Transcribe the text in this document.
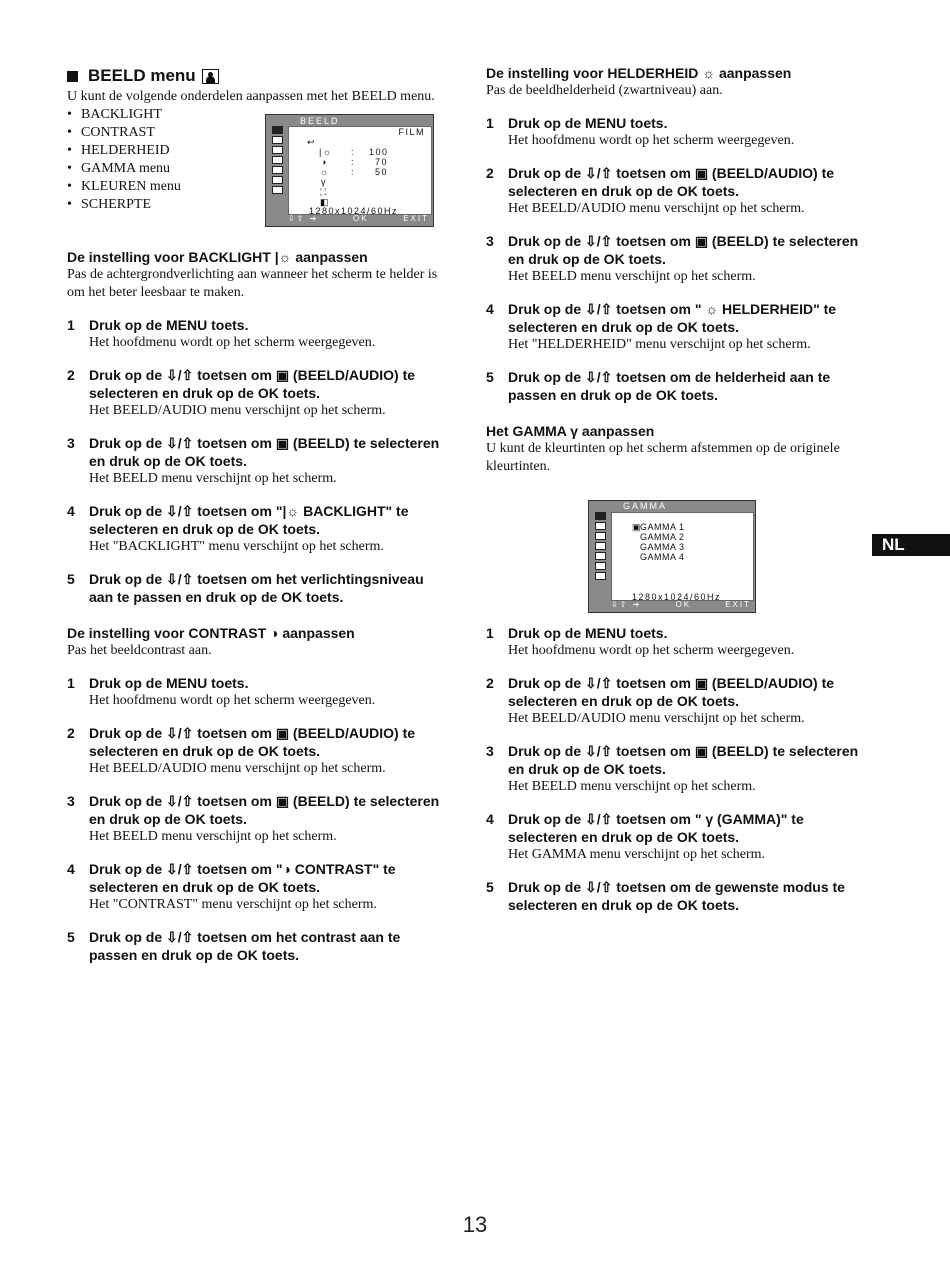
BEELD menu
U kunt de volgende onderdelen aanpassen met het BEELD menu.
• BACKLIGHT
• CONTRAST
• HELDERHEID
• GAMMA menu
• KLEUREN menu
• SCHERPTE
De instelling voor BACKLIGHT |☼ aanpassen
Pas de achtergrondverlichting aan wanneer het scherm te helder is om het beter leesbaar te maken.
1	Druk op de MENU toets.
Het hoofdmenu wordt op het scherm weergegeven.
2	Druk op de ⇩/⇧ toetsen om ▣ (BEELD/AUDIO) te selecteren en druk op de OK toets.
Het BEELD/AUDIO menu verschijnt op het scherm.
3	Druk op de ⇩/⇧ toetsen om ▣ (BEELD) te selecteren en druk op de OK toets.
Het BEELD menu verschijnt op het scherm.
4	Druk op de ⇩/⇧ toetsen om "|☼ BACKLIGHT" te selecteren en druk op de OK toets.
Het "BACKLIGHT" menu verschijnt op het scherm.
5	Druk op de ⇩/⇧ toetsen om het verlichtingsniveau aan te passen en druk op de OK toets.
De instelling voor CONTRAST ◑ aanpassen
Pas het beeldcontrast aan.
1	Druk op de MENU toets.
Het hoofdmenu wordt op het scherm weergegeven.
2	Druk op de ⇩/⇧ toetsen om ▣ (BEELD/AUDIO) te selecteren en druk op de OK toets.
Het BEELD/AUDIO menu verschijnt op het scherm.
3	Druk op de ⇩/⇧ toetsen om ▣ (BEELD) te selecteren en druk op de OK toets.
Het BEELD menu verschijnt op het scherm.
4	Druk op de ⇩/⇧ toetsen om "◑ CONTRAST" te selecteren en druk op de OK toets.
Het "CONTRAST" menu verschijnt op het scherm.
5	Druk op de ⇩/⇧ toetsen om het contrast aan te passen en druk op de OK toets.
BEELD
FILM
↩
|☼ : 100
◑	: 70
☼ : 50
γ
⛶
◧
1280x1024/60Hz
⇩⇧ ➔	OK	EXIT
De instelling voor HELDERHEID ☼ aanpassen
Pas de beeldhelderheid (zwartniveau) aan.
1	Druk op de MENU toets.
Het hoofdmenu wordt op het scherm weergegeven.
2	Druk op de ⇩/⇧ toetsen om ▣ (BEELD/AUDIO) te selecteren en druk op de OK toets.
Het BEELD/AUDIO menu verschijnt op het scherm.
3	Druk op de ⇩/⇧ toetsen om ▣ (BEELD) te selecteren en druk op de OK toets.
Het BEELD menu verschijnt op het scherm.
4	Druk op de ⇩/⇧ toetsen om " ☼ HELDERHEID" te selecteren en druk op de OK toets.
Het "HELDERHEID" menu verschijnt op het scherm.
5	Druk op de ⇩/⇧ toetsen om de helderheid aan te passen en druk op de OK toets.
Het GAMMA γ aanpassen
U kunt de kleurtinten op het scherm afstemmen op de originele kleurtinten.
1	Druk op de MENU toets.
Het hoofdmenu wordt op het scherm weergegeven.
2	Druk op de ⇩/⇧ toetsen om ▣ (BEELD/AUDIO) te selecteren en druk op de OK toets.
Het BEELD/AUDIO menu verschijnt op het scherm.
3	Druk op de ⇩/⇧ toetsen om ▣ (BEELD) te selecteren en druk op de OK toets.
Het BEELD menu verschijnt op het scherm.
4	Druk op de ⇩/⇧ toetsen om " γ (GAMMA)" te selecteren en druk op de OK toets.
Het GAMMA menu verschijnt op het scherm.
5	Druk op de ⇩/⇧ toetsen om de gewenste modus te selecteren en druk op de OK toets.
GAMMA
▣
GAMMA 1
GAMMA 2
GAMMA 3
GAMMA 4
1280x1024/60Hz
⇩⇧ ➔	OK	EXIT
NL
13
